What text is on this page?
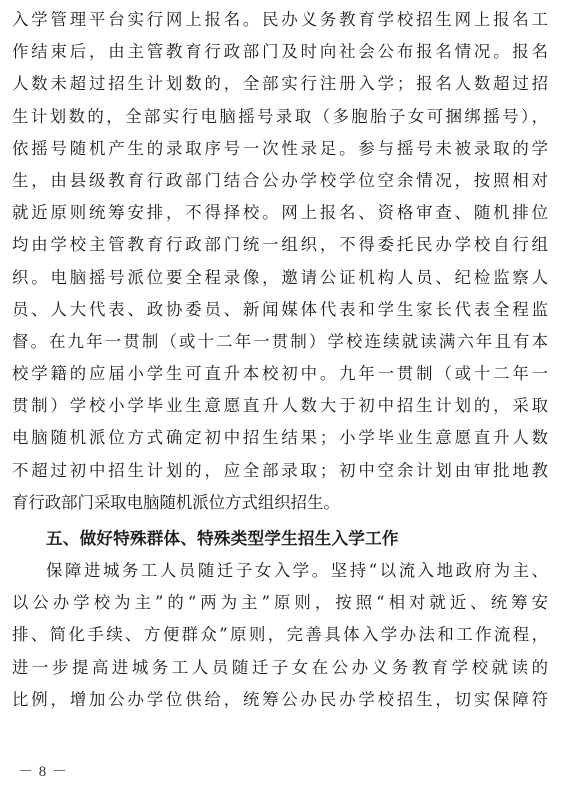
入学管理平台实行网上报名。民办义务教育学校招生网上报名工
作结束后，由主管教育行政部门及时向社会公布报名情况。报名
人数未超过招生计划数的，全部实行注册入学；报名人数超过招
生计划数的，全部实行电脑摇号录取（多胞胎子女可捆绑摇号），
依摇号随机产生的录取序号一次性录足。参与摇号未被录取的学
生，由县级教育行政部门结合公办学校学位空余情况，按照相对
就近原则统筹安排，不得择校。网上报名、资格审查、随机排位
均由学校主管教育行政部门统一组织，不得委托民办学校自行组
织。电脑摇号派位要全程录像，邀请公证机构人员、纪检监察人
员、人大代表、政协委员、新闻媒体代表和学生家长代表全程监
督。在九年一贯制（或十二年一贯制）学校连续就读满六年且有本
校学籍的应届小学生可直升本校初中。九年一贯制（或十二年一
贯制）学校小学毕业生意愿直升人数大于初中招生计划的，采取
电脑随机派位方式确定初中招生结果；小学毕业生意愿直升人数
不超过初中招生计划的，应全部录取；初中空余计划由审批地教
育行政部门采取电脑随机派位方式组织招生。
五、做好特殊群体、特殊类型学生招生入学工作
保障进城务工人员随迁子女入学。坚持“以流入地政府为主、
以公办学校为主”的“两为主”原则，按照“相对就近、统筹安
排、简化手续、方便群众”原则，完善具体入学办法和工作流程，
进一步提高进城务工人员随迁子女在公办义务教育学校就读的
比例，增加公办学位供给，统筹公办民办学校招生，切实保障符
－ 8 －
